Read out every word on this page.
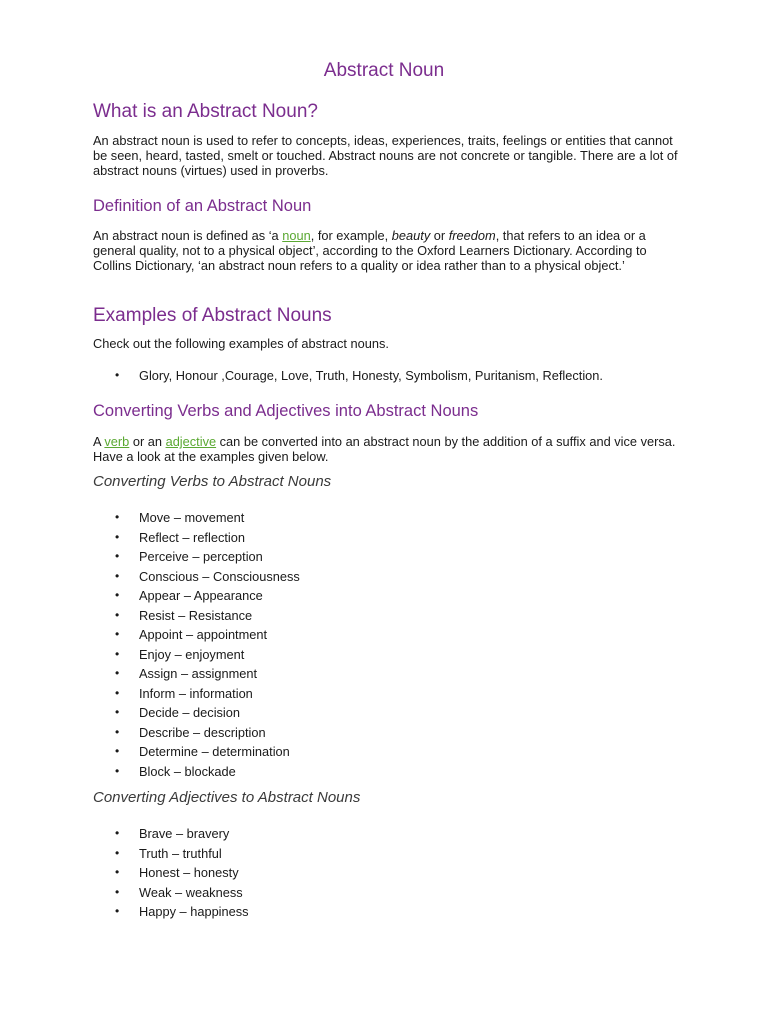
Abstract Noun
What is an Abstract Noun?

An abstract noun is used to refer to concepts, ideas, experiences, traits, feelings or entities that cannot be seen, heard, tasted, smelt or touched. Abstract nouns are not concrete or tangible. There are a lot of abstract nouns (virtues) used in proverbs.

Definition of an Abstract Noun

An abstract noun is defined as ‘a noun, for example, beauty or freedom, that refers to an idea or a general quality, not to a physical object’, according to the Oxford Learners Dictionary. According to Collins Dictionary, ‘an abstract noun refers to a quality or idea rather than to a physical object.’

Examples of Abstract Nouns

Check out the following examples of abstract nouns.

• Glory, Honour ,Courage, Love, Truth, Honesty, Symbolism, Puritanism, Reflection.
Converting Verbs and Adjectives into Abstract Nouns

A verb or an adjective can be converted into an abstract noun by the addition of a suffix and vice versa. Have a look at the examples given below.

Converting Verbs to Abstract Nouns
• Move – movement
• Reflect – reflection
• Perceive – perception
• Conscious – Consciousness
• Appear – Appearance
• Resist – Resistance
• Appoint – appointment
• Enjoy – enjoyment
• Assign – assignment
• Inform – information
• Decide – decision
• Describe – description
• Determine – determination
• Block – blockade
Converting Adjectives to Abstract Nouns
• Brave – bravery
• Truth – truthful
• Honest – honesty
• Weak – weakness
• Happy – happiness
